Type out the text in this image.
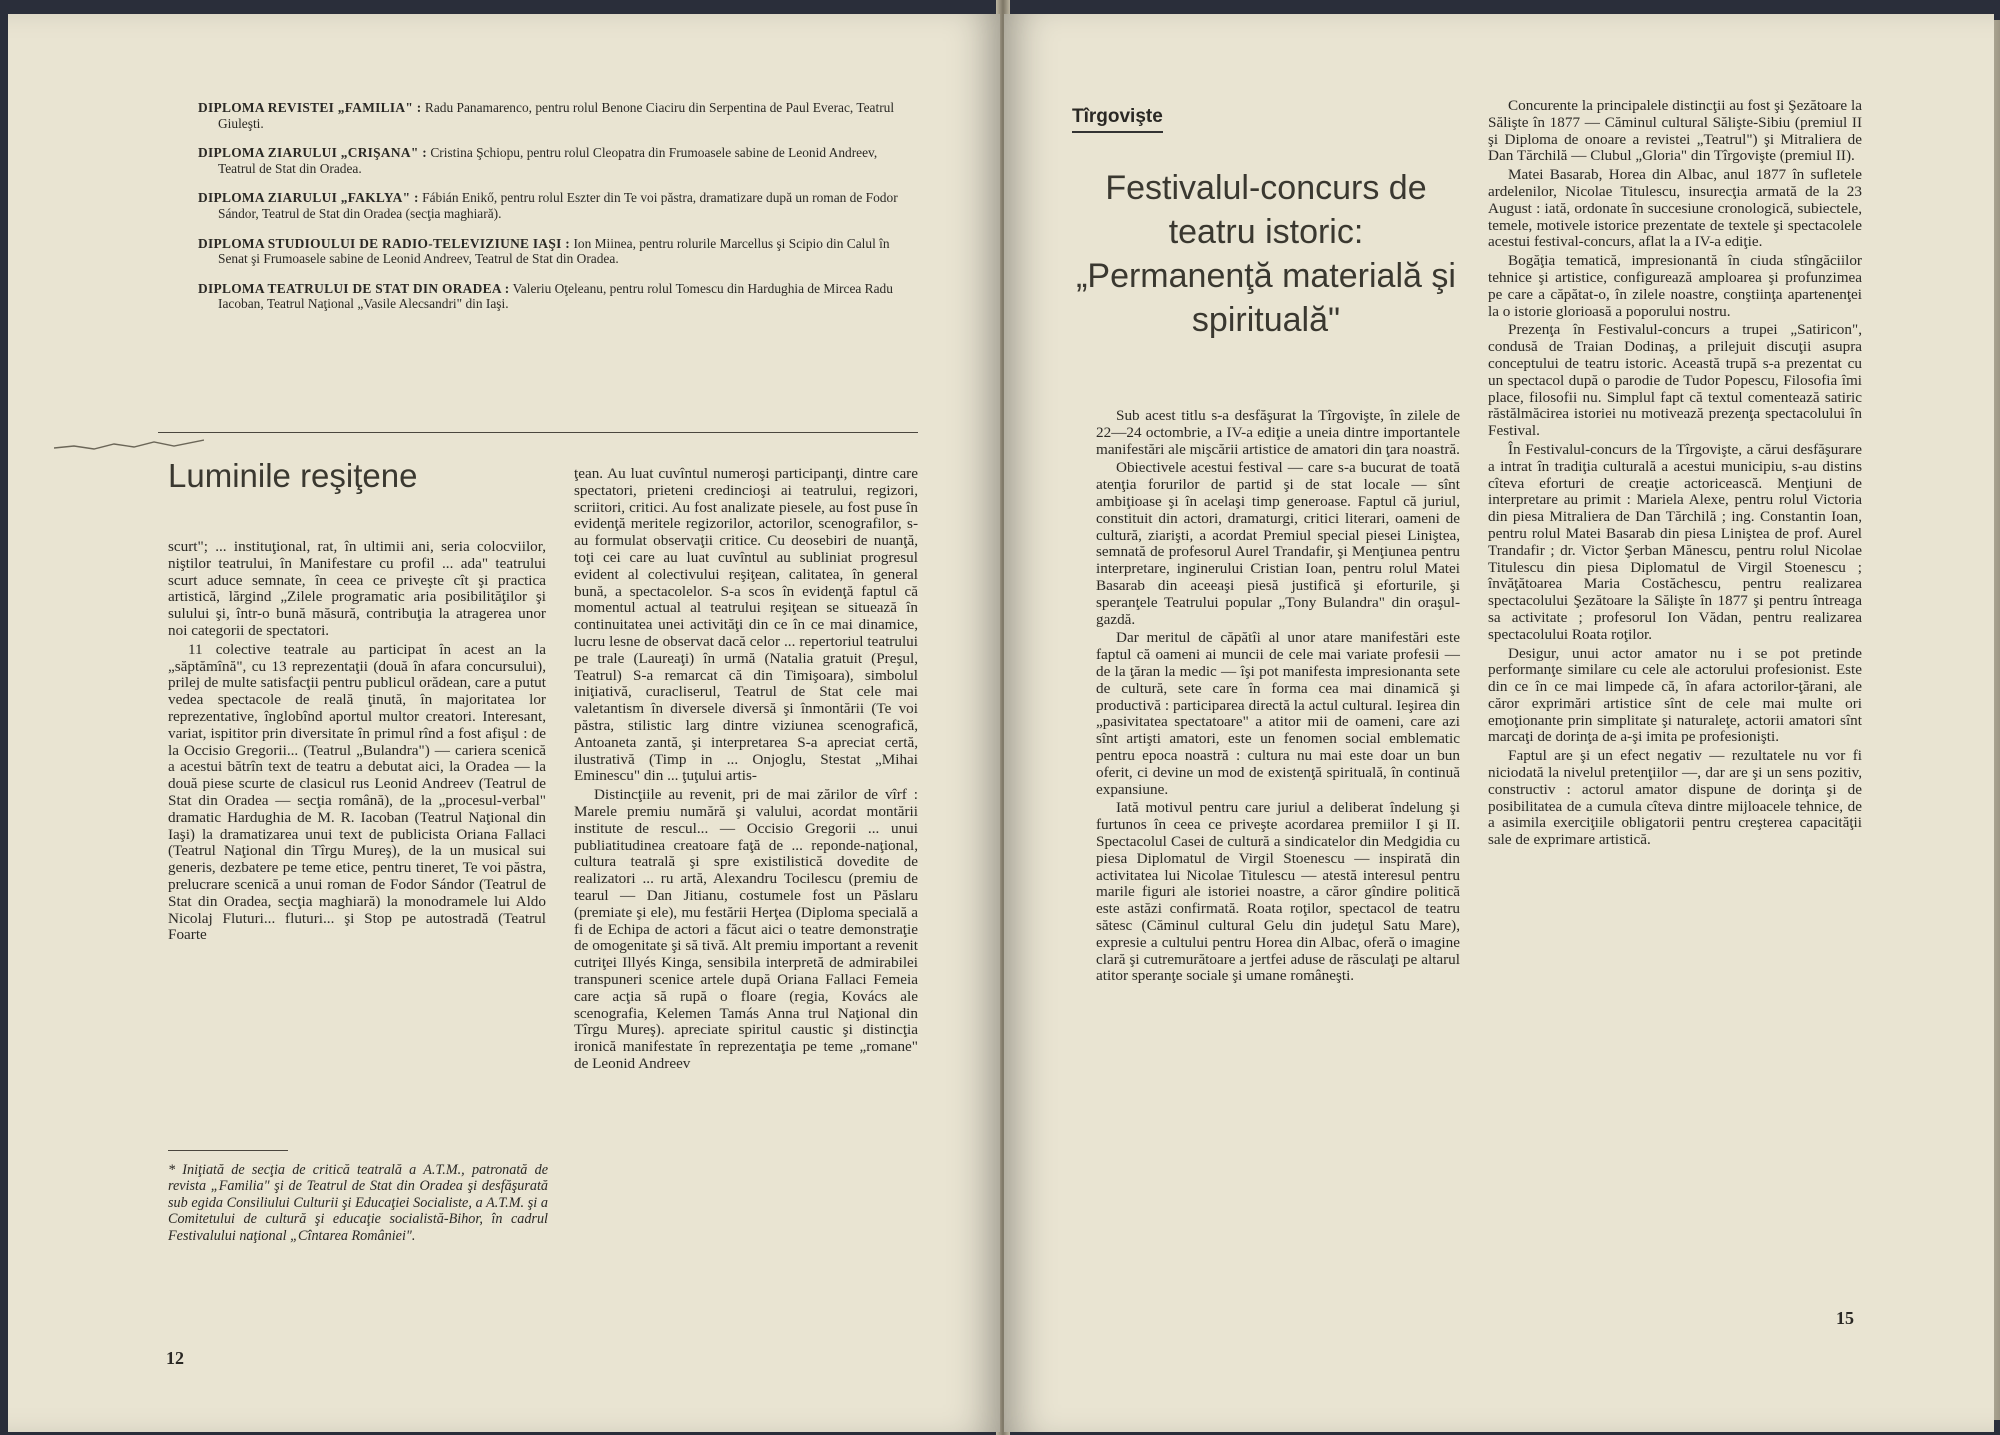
DIPLOMA REVISTEI „FAMILIA" : Radu Panamarenco, pentru rolul Benone Ciaciru din Serpentina de Paul Everac, Teatrul Giuleşti.

DIPLOMA ZIARULUI „CRIŞANA" : Cristina Şchiopu, pentru rolul Cleopatra din Frumoasele sabine de Leonid Andreev, Teatrul de Stat din Oradea.

DIPLOMA ZIARULUI „FAKLYA" : Fábián Enikő, pentru rolul Eszter din Te voi păstra, dramatizare după un roman de Fodor Sándor, Teatrul de Stat din Oradea (secţia maghiară).

DIPLOMA STUDIOULUI DE RADIO-TELEVIZIUNE IAŞI : Ion Miinea, pentru rolurile Marcellus şi Scipio din Calul în Senat şi Frumoasele sabine de Leonid Andreev, Teatrul de Stat din Oradea.

DIPLOMA TEATRULUI DE STAT DIN ORADEA : Valeriu Oţeleanu, pentru rolul Tomescu din Hardughia de Mircea Radu Iacoban, Teatrul Naţional „Vasile Alecsandri" din Iaşi.

Luminile reşiţene

scurt"; ... instituţional, rat, în ultimii ani, seria colocviilor, niştilor teatrului, în Manifestare cu profil ... ada" teatrului scurt aduce semnate, în ceea ce priveşte cît şi practica artistică, lărgind „Zilele programatic aria posibilităţilor şi sulului şi, într-o bună măsură, contribuţia la atragerea unor noi categorii de spectatori.

11 colective teatrale au participat în acest an la „săptămînă", cu 13 reprezentaţii (două în afara concursului), prilej de multe satisfacţii pentru publicul orădean, care a putut vedea spectacole de reală ţinută, în majoritatea lor reprezentative, înglobînd aportul multor creatori. Interesant, variat, ispititor prin diversitate în primul rînd a fost afişul : de la Occisio Gregorii... (Teatrul „Bulandra") — cariera scenică a acestui bătrîn text de teatru a debutat aici, la Oradea — la două piese scurte de clasicul rus Leonid Andreev (Teatrul de Stat din Oradea — secţia română), de la „procesul-verbal" dramatic Hardughia de M. R. Iacoban (Teatrul Naţional din Iaşi) la dramatizarea unui text de publicista Oriana Fallaci (Teatrul Naţional din Tîrgu Mureş), de la un musical sui generis, dezbatere pe teme etice, pentru tineret, Te voi păstra, prelucrare scenică a unui roman de Fodor Sándor (Teatrul de Stat din Oradea, secţia maghiară) la monodramele lui Aldo Nicolaj Fluturi... fluturi... şi Stop pe autostradă (Teatrul Foarte

* Iniţiată de secţia de critică teatrală a A.T.M., patronată de revista „Familia" şi de Teatrul de Stat din Oradea şi desfăşurată sub egida Consiliului Culturii şi Educaţiei Socialiste, a A.T.M. şi a Comitetului de cultură şi educaţie socialistă-Bihor, în cadrul Festivalului naţional „Cîntarea României".

ţean. Au luat cuvîntul numeroşi participanţi, dintre care spectatori, prieteni credincioşi ai teatrului, regizori, scriitori, critici. Au fost analizate piesele, au fost puse în evidenţă meritele regizorilor, actorilor, scenografilor, s-au formulat observaţii critice. Cu deosebiri de nuanţă, toţi cei care au luat cuvîntul au subliniat progresul evident al colectivului reşiţean, calitatea, în general bună, a spectacolelor. S-a scos în evidenţă faptul că momentul actual al teatrului reşiţean se situează în continuitatea unei activităţi din ce în ce mai dinamice, lucru lesne de observat dacă celor ... repertoriul teatrului pe trale (Laureaţi) în urmă (Natalia gratuit (Preşul, Teatrul) S-a remarcat că din Timişoara), simbolul iniţiativă, curacliserul, Teatrul de Stat cele mai valetantism în diversele diversă şi înmontării (Te voi păstra, stilistic larg dintre viziunea scenografică, Antoaneta zantă, şi interpretarea S-a apreciat certă, ilustrativă (Timp in ... Onjoglu, Stestat „Mihai Eminescu" din ... ţuţului artis-

Distincţiile au revenit, pri de mai zărilor de vîrf : Marele premiu numără şi valului, acordat montării institute de rescul... — Occisio Gregorii ... unui publiatitudinea creatoare faţă de ... reponde-naţional, cultura teatrală şi spre existilistică dovedite de realizatori ... ru artă, Alexandru Tocilescu (premiu de tearul — Dan Jitianu, costumele fost un Păslaru (premiate şi ele), mu festării Herţea (Diploma specială a fi de Echipa de actori a făcut aici o teatre demonstraţie de omogenitate şi să tivă. Alt premiu important a revenit cutriţei Illyés Kinga, sensibila interpretă de admirabilei transpuneri scenice artele după Oriana Fallaci Femeia care acţia să rupă o floare (regia, Kovács ale scenografia, Kelemen Tamás Anna trul Naţional din Tîrgu Mureş). apreciate spiritul caustic şi distincţia ironică manifestate în reprezentaţia pe teme „romane" de Leonid Andreev

12
Tîrgovişte
Festivalul-concurs de teatru istoric: „Permanenţă materială şi spirituală"

Sub acest titlu s-a desfăşurat la Tîrgovişte, în zilele de 22—24 octombrie, a IV-a ediţie a uneia dintre importantele manifestări ale mişcării artistice de amatori din ţara noastră.

Obiectivele acestui festival — care s-a bucurat de toată atenţia forurilor de partid şi de stat locale — sînt ambiţioase şi în acelaşi timp generoase. Faptul că juriul, constituit din actori, dramaturgi, critici literari, oameni de cultură, ziarişti, a acordat Premiul special piesei Liniştea, semnată de profesorul Aurel Trandafir, şi Menţiunea pentru interpretare, inginerului Cristian Ioan, pentru rolul Matei Basarab din aceeaşi piesă justifică şi eforturile, şi speranţele Teatrului popular „Tony Bulandra" din oraşul-gazdă.

Dar meritul de căpătîi al unor atare manifestări este faptul că oameni ai muncii de cele mai variate profesii — de la ţăran la medic — îşi pot manifesta impresionanta sete de cultură, sete care în forma cea mai dinamică şi productivă : participarea directă la actul cultural. Ieşirea din „pasivitatea spectatoare" a atitor mii de oameni, care azi sînt artişti amatori, este un fenomen social emblematic pentru epoca noastră : cultura nu mai este doar un bun oferit, ci devine un mod de existenţă spirituală, în continuă expansiune.

Iată motivul pentru care juriul a deliberat îndelung şi furtunos în ceea ce priveşte acordarea premiilor I şi II. Spectacolul Casei de cultură a sindicatelor din Medgidia cu piesa Diplomatul de Virgil Stoenescu — inspirată din activitatea lui Nicolae Titulescu — atestă interesul pentru marile figuri ale istoriei noastre, a căror gîndire politică este astăzi confirmată. Roata roţilor, spectacol de teatru sătesc (Căminul cultural Gelu din judeţul Satu Mare), expresie a cultului pentru Horea din Albac, oferă o imagine clară şi cutremurătoare a jertfei aduse de răsculaţi pe altarul atitor speranţe sociale şi umane româneşti.

Concurente la principalele distincţii au fost şi Şezătoare la Sălişte în 1877 — Căminul cultural Sălişte-Sibiu (premiul II şi Diploma de onoare a revistei „Teatrul") şi Mitraliera de Dan Tărchilă — Clubul „Gloria" din Tîrgovişte (premiul II).

Matei Basarab, Horea din Albac, anul 1877 în sufletele ardelenilor, Nicolae Titulescu, insurecţia armată de la 23 August : iată, ordonate în succesiune cronologică, subiectele, temele, motivele istorice prezentate de textele şi spectacolele acestui festival-concurs, aflat la a IV-a ediţie.

Bogăţia tematică, impresionantă în ciuda stîngăciilor tehnice şi artistice, configurează amploarea şi profunzimea pe care a căpătat-o, în zilele noastre, conştiinţa apartenenţei la o istorie glorioasă a poporului nostru.

Prezenţa în Festivalul-concurs a trupei „Satiricon", condusă de Traian Dodinaş, a prilejuit discuţii asupra conceptului de teatru istoric. Această trupă s-a prezentat cu un spectacol după o parodie de Tudor Popescu, Filosofia îmi place, filosofii nu. Simplul fapt că textul comentează satiric răstălmăcirea istoriei nu motivează prezenţa spectacolului în Festival.

În Festivalul-concurs de la Tîrgovişte, a cărui desfăşurare a intrat în tradiţia culturală a acestui municipiu, s-au distins cîteva eforturi de creaţie actoricească. Menţiuni de interpretare au primit : Mariela Alexe, pentru rolul Victoria din piesa Mitraliera de Dan Tărchilă ; ing. Constantin Ioan, pentru rolul Matei Basarab din piesa Liniştea de prof. Aurel Trandafir ; dr. Victor Şerban Mănescu, pentru rolul Nicolae Titulescu din piesa Diplomatul de Virgil Stoenescu ; învăţătoarea Maria Costăchescu, pentru realizarea spectacolului Şezătoare la Sălişte în 1877 şi pentru întreaga sa activitate ; profesorul Ion Vădan, pentru realizarea spectacolului Roata roţilor.

Desigur, unui actor amator nu i se pot pretinde performanţe similare cu cele ale actorului profesionist. Este din ce în ce mai limpede că, în afara actorilor-ţărani, ale căror exprimări artistice sînt de cele mai multe ori emoţionante prin simplitate şi naturaleţe, actorii amatori sînt marcaţi de dorinţa de a-şi imita pe profesionişti.

Faptul are şi un efect negativ — rezultatele nu vor fi niciodată la nivelul pretenţiilor —, dar are şi un sens pozitiv, constructiv : actorul amator dispune de dorinţa şi de posibilitatea de a cumula cîteva dintre mijloacele tehnice, de a asimila exerciţiile obligatorii pentru creşterea capacităţii sale de exprimare artistică.

15
